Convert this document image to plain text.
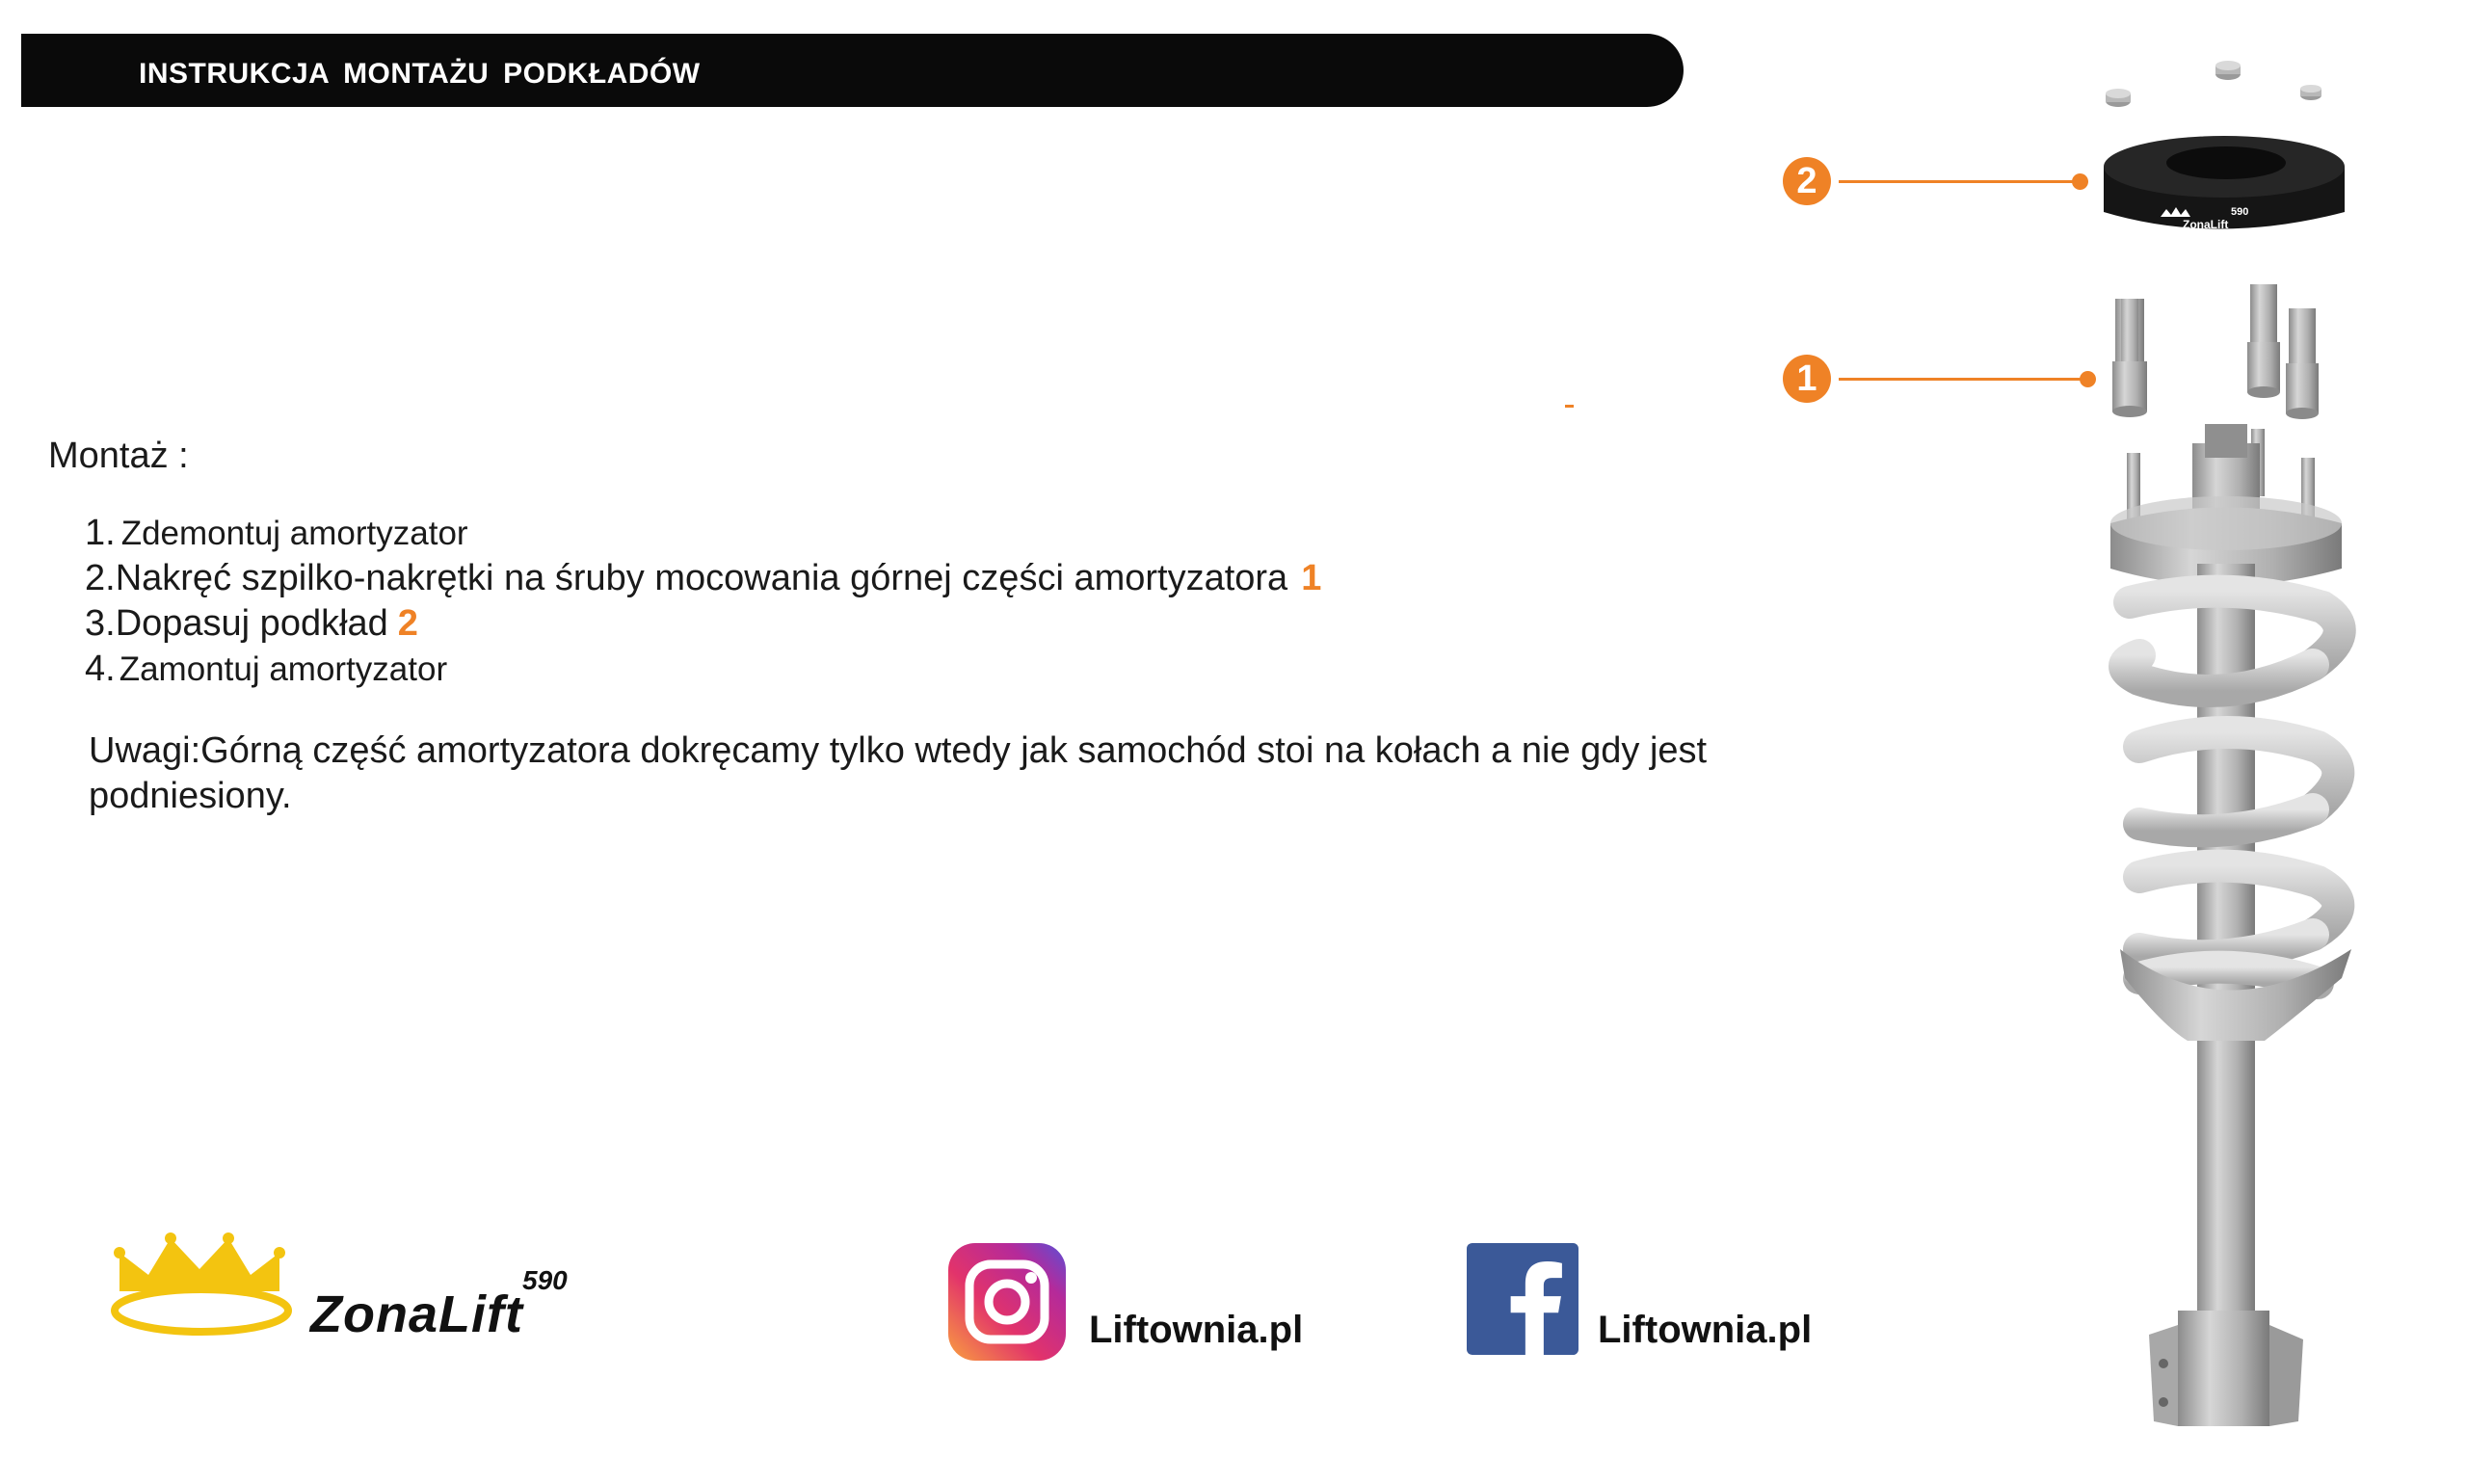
INSTRUKCJA MONTAŻU PODKŁADÓW
Montaż :
1. Zdemontuj amortyzator
2.Nakręć szpilko-nakrętki na śruby mocowania górnej części amortyzatora 1
3.Dopasuj podkład 2
4. Zamontuj amortyzator
Uwagi:Górną część amortyzatora dokręcamy tylko wtedy jak samochód stoi na kołach a nie gdy jest podniesiony.
2
1
ZonaLift
590
ZonaLift
590
Liftownia.pl	Liftownia.pl
